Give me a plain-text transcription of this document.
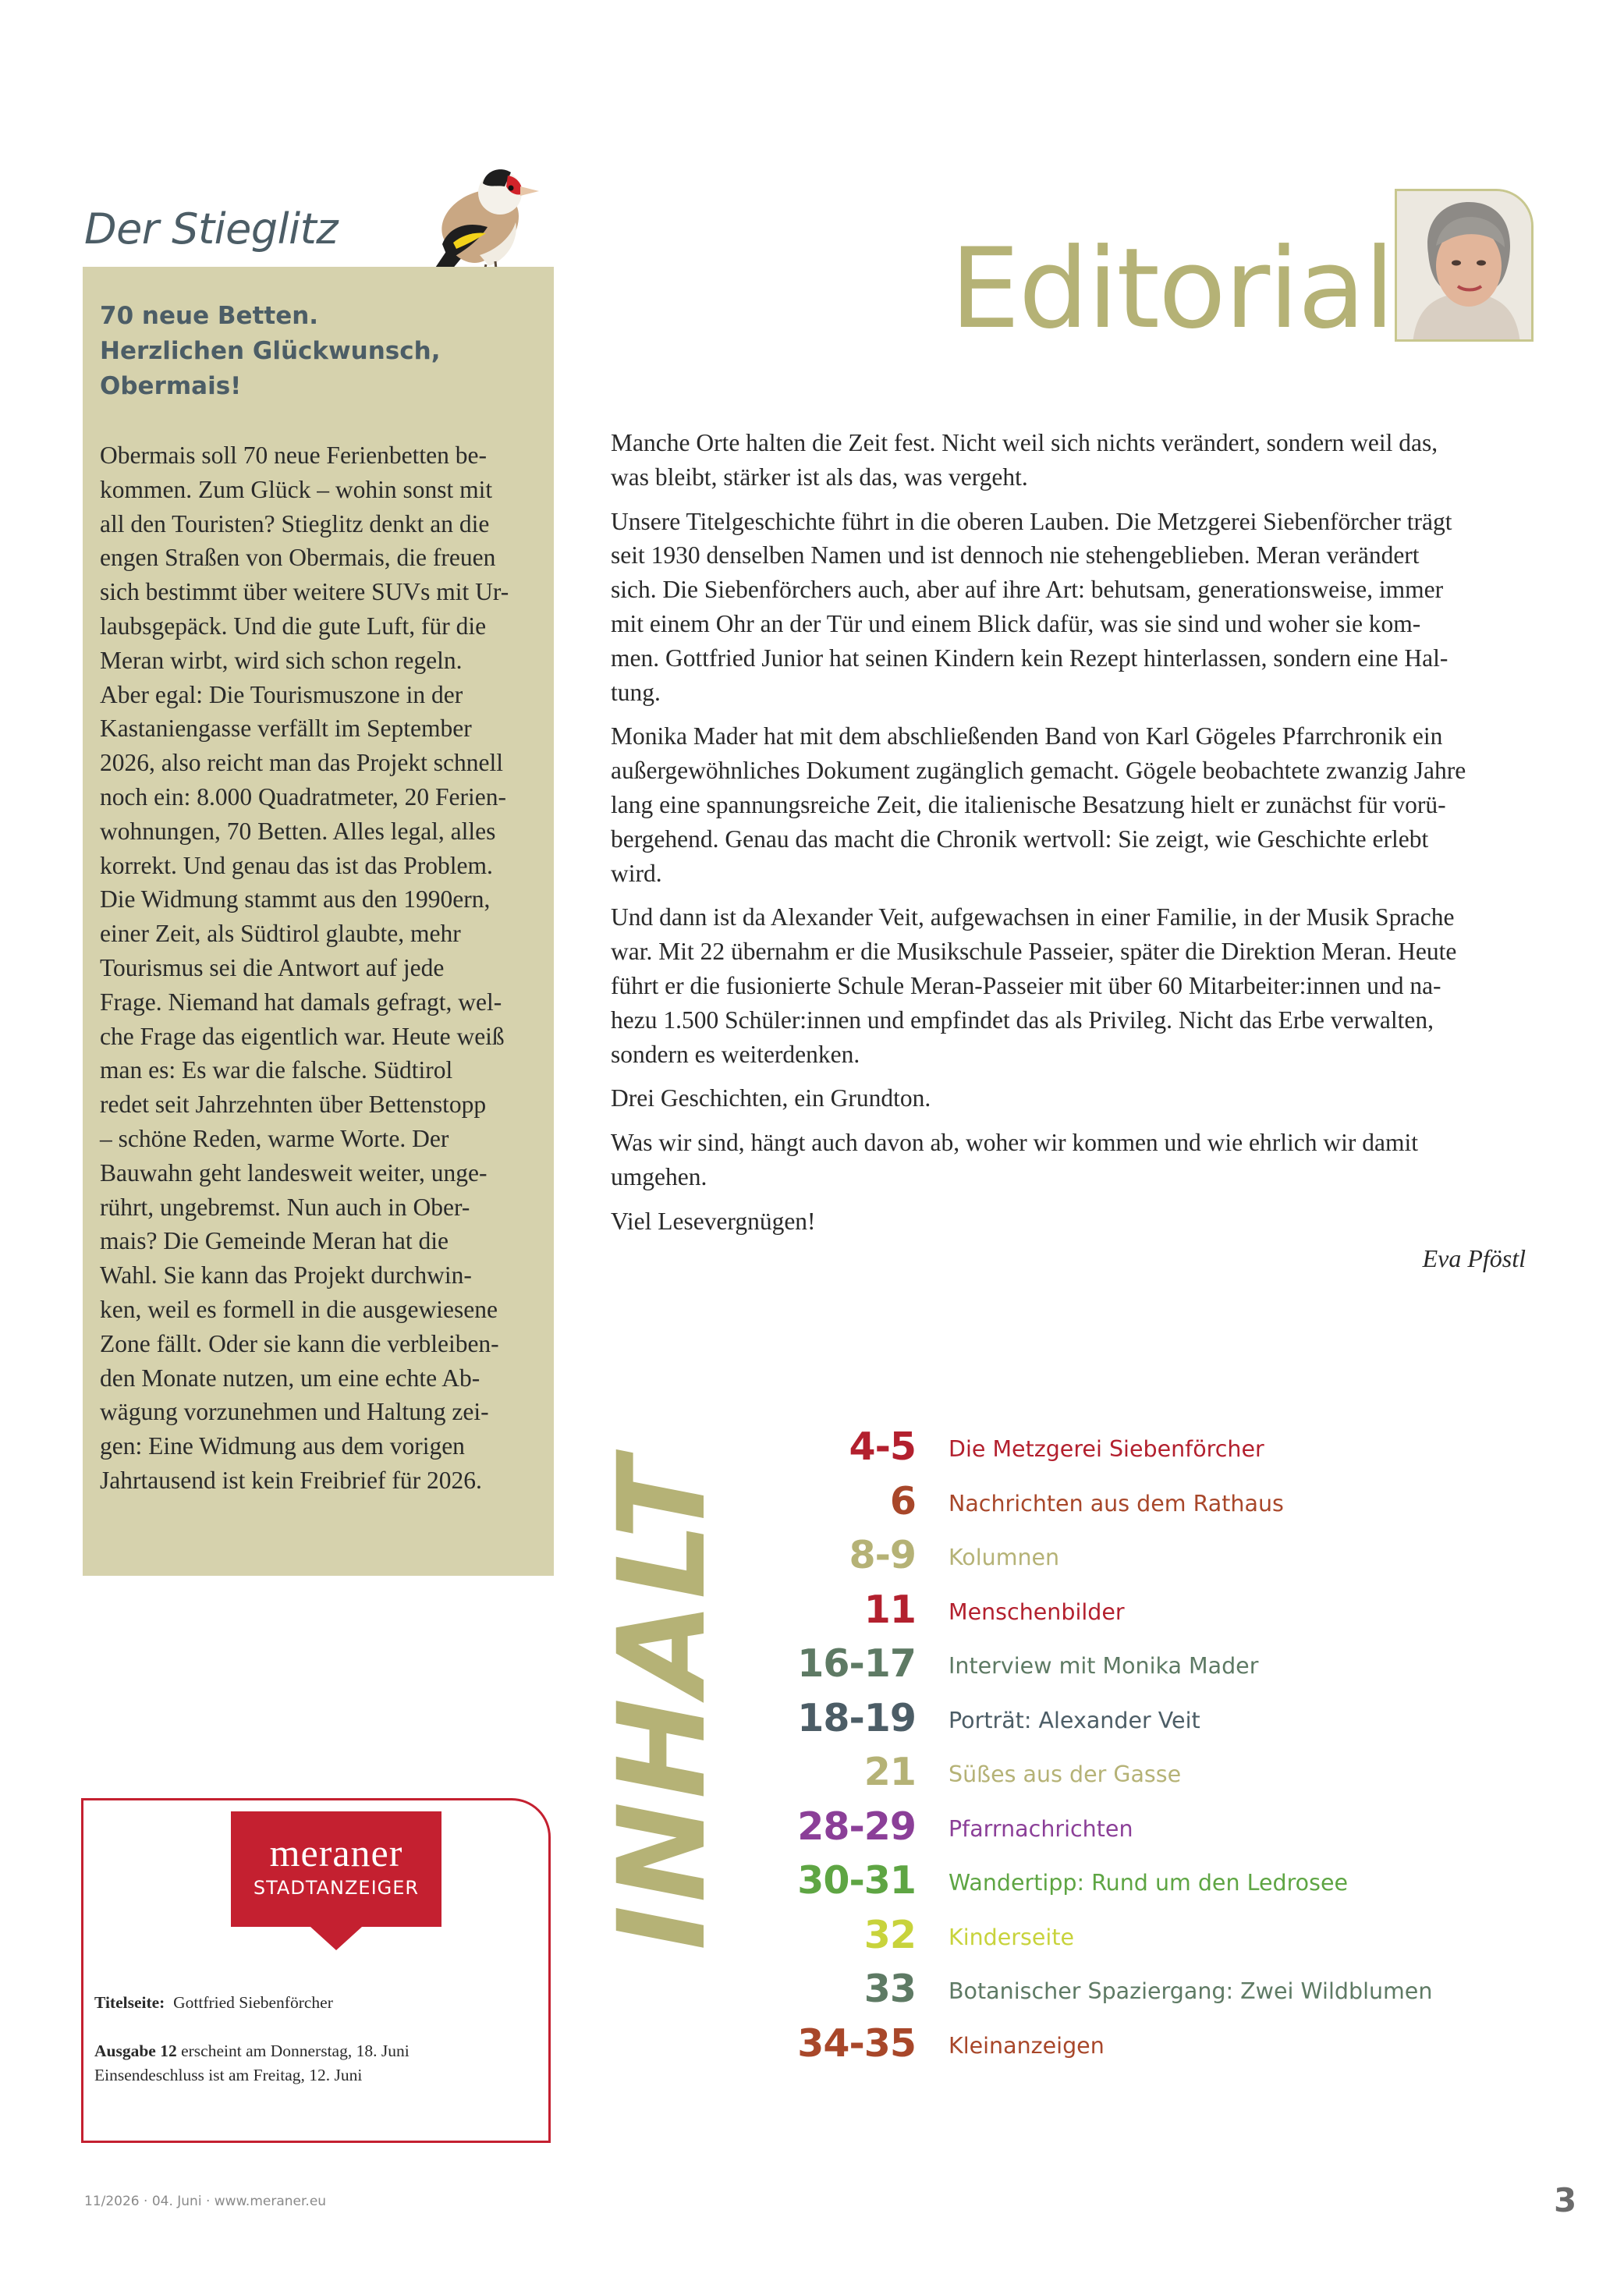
Der Stieglitz
70 neue Betten.
Herzlichen Glückwunsch,
Obermais!
Obermais soll 70 neue Ferienbetten be-
kommen. Zum Glück – wohin sonst mit
all den Touristen? Stieglitz denkt an die
engen Straßen von Obermais, die freuen
sich bestimmt über weitere SUVs mit Ur-
laubsgepäck. Und die gute Luft, für die
Meran wirbt, wird sich schon regeln.
Aber egal: Die Tourismuszone in der
Kastaniengasse verfällt im September
2026, also reicht man das Projekt schnell
noch ein: 8.000 Quadratmeter, 20 Ferien-
wohnungen, 70 Betten. Alles legal, alles
korrekt. Und genau das ist das Problem.
Die Widmung stammt aus den 1990ern,
einer Zeit, als Südtirol glaubte, mehr
Tourismus sei die Antwort auf jede
Frage. Niemand hat damals gefragt, wel-
che Frage das eigentlich war. Heute weiß
man es: Es war die falsche. Südtirol
redet seit Jahrzehnten über Bettenstopp
– schöne Reden, warme Worte. Der
Bauwahn geht landesweit weiter, unge-
rührt, ungebremst. Nun auch in Ober-
mais? Die Gemeinde Meran hat die
Wahl. Sie kann das Projekt durchwin-
ken, weil es formell in die ausgewiesene
Zone fällt. Oder sie kann die verbleiben-
den Monate nutzen, um eine echte Ab-
wägung vorzunehmen und Haltung zei-
gen: Eine Widmung aus dem vorigen
Jahrtausend ist kein Freibrief für 2026.
Editorial

Manche Orte halten die Zeit fest. Nicht weil sich nichts verändert, sondern weil das,
was bleibt, stärker ist als das, was vergeht.

Unsere Titelgeschichte führt in die oberen Lauben. Die Metzgerei Siebenförcher trägt
seit 1930 denselben Namen und ist dennoch nie stehengeblieben. Meran verändert
sich. Die Siebenförchers auch, aber auf ihre Art: behutsam, generationsweise, immer
mit einem Ohr an der Tür und einem Blick dafür, was sie sind und woher sie kom-
men. Gottfried Junior hat seinen Kindern kein Rezept hinterlassen, sondern eine Hal-
tung.

Monika Mader hat mit dem abschließenden Band von Karl Gögeles Pfarrchronik ein
außergewöhnliches Dokument zugänglich gemacht. Gögele beobachtete zwanzig Jahre
lang eine spannungsreiche Zeit, die italienische Besatzung hielt er zunächst für vorü-
bergehend. Genau das macht die Chronik wertvoll: Sie zeigt, wie Geschichte erlebt
wird.

Und dann ist da Alexander Veit, aufgewachsen in einer Familie, in der Musik Sprache
war. Mit 22 übernahm er die Musikschule Passeier, später die Direktion Meran. Heute
führt er die fusionierte Schule Meran-Passeier mit über 60 Mitarbeiter:innen und na-
hezu 1.500 Schüler:innen und empfindet das als Privileg. Nicht das Erbe verwalten,
sondern es weiterdenken.

Drei Geschichten, ein Grundton.

Was wir sind, hängt auch davon ab, woher wir kommen und wie ehrlich wir damit
umgehen.

Viel Lesevergnügen!

Eva Pföstl
INHALT
4-5 Die Metzgerei Siebenförcher
6 Nachrichten aus dem Rathaus
8-9 Kolumnen
11 Menschenbilder
16-17 Interview mit Monika Mader
18-19 Porträt: Alexander Veit
21 Süßes aus der Gasse
28-29 Pfarrnachrichten
30-31 Wandertipp: Rund um den Ledrosee
32 Kinderseite
33 Botanischer Spaziergang: Zwei Wildblumen
34-35 Kleinanzeigen
meraner
STADTANZEIGER
Titelseite: Gottfried Siebenförcher
Ausgabe 12 erscheint am Donnerstag, 18. Juni
Einsendeschluss ist am Freitag, 12. Juni
11/2026 · 04. Juni · www.meraner.eu	3
